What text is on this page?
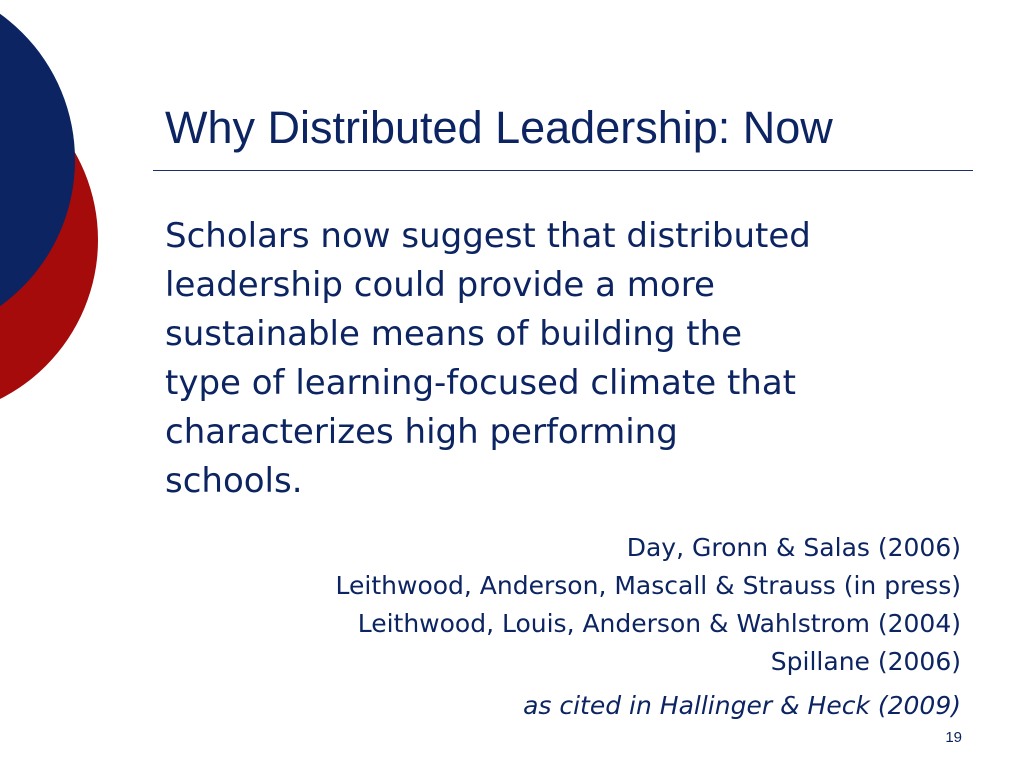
Why Distributed Leadership: Now

Scholars now suggest that distributed
leadership could provide a more
sustainable means of building the
type of learning-focused climate that
characterizes high performing
schools.

Day, Gronn & Salas (2006)
Leithwood, Anderson, Mascall & Strauss (in press)
Leithwood, Louis, Anderson & Wahlstrom (2004)
Spillane (2006)
as cited in Hallinger & Heck (2009)
19
